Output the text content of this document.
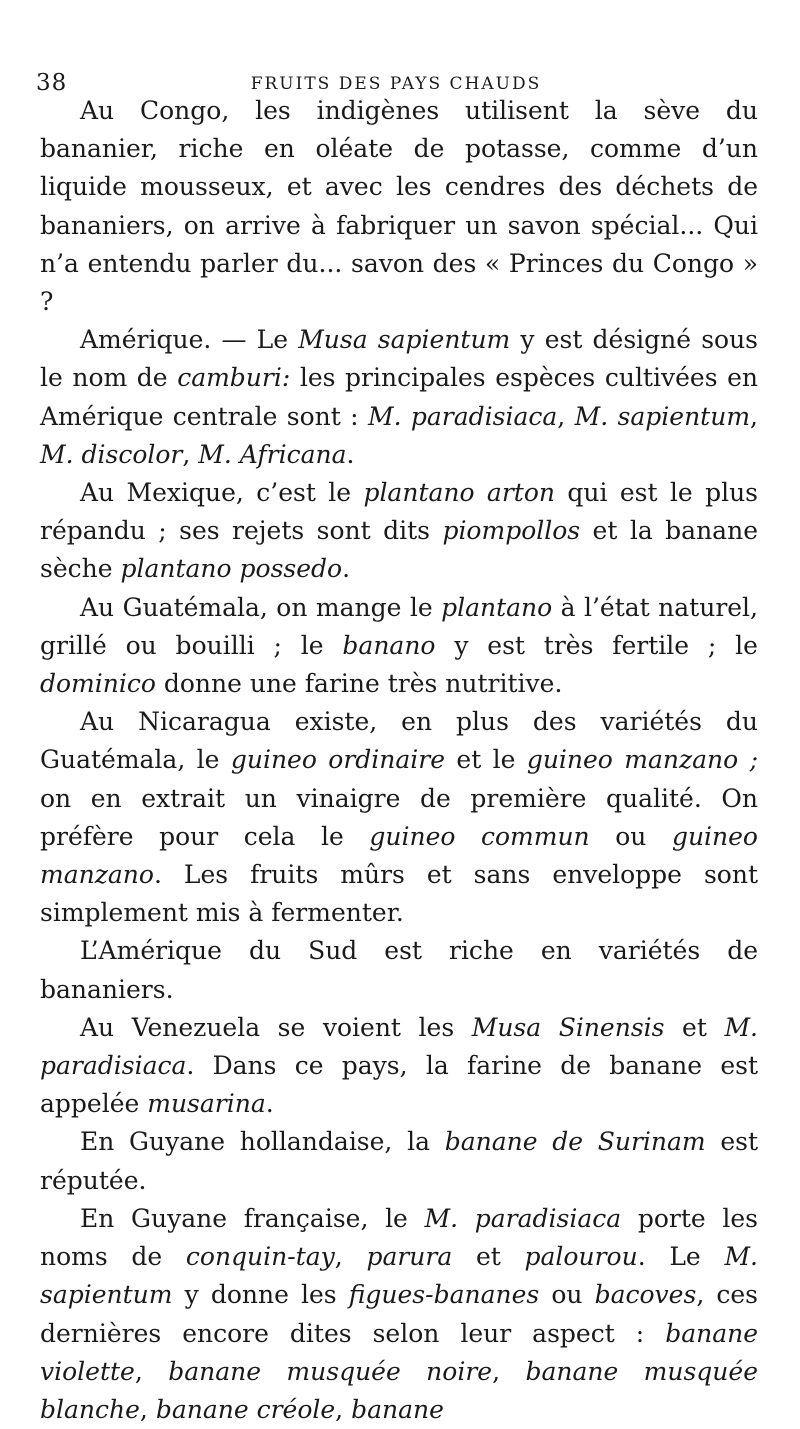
38	FRUITS DES PAYS CHAUDS

Au Congo, les indigènes utilisent la sève du bananier, riche en oléate de potasse, comme d’un liquide mousseux, et avec les cendres des déchets de bananiers, on arrive à fabriquer un savon spécial... Qui n’a entendu parler du... savon des « Princes du Congo » ?

Amérique. — Le Musa sapientum y est désigné sous le nom de camburi: les principales espèces cultivées en Amérique centrale sont : M. paradisiaca, M. sapientum, M. discolor, M. Africana.

Au Mexique, c’est le plantano arton qui est le plus répandu ; ses rejets sont dits piompollos et la banane sèche plantano possedo.

Au Guatémala, on mange le plantano à l’état naturel, grillé ou bouilli ; le banano y est très fertile ; le dominico donne une farine très nutritive.

Au Nicaragua existe, en plus des variétés du Guatémala, le guineo ordinaire et le guineo manzano ; on en extrait un vinaigre de première qualité. On préfère pour cela le guineo commun ou guineo manzano. Les fruits mûrs et sans enveloppe sont simplement mis à fermenter.

L’Amérique du Sud est riche en variétés de bananiers.

Au Venezuela se voient les Musa Sinensis et M. paradisiaca. Dans ce pays, la farine de banane est appelée musarina.

En Guyane hollandaise, la banane de Surinam est réputée.

En Guyane française, le M. paradisiaca porte les noms de conquin-tay, parura et palourou. Le M. sapientum y donne les figues-bananes ou bacoves, ces dernières encore dites selon leur aspect : banane violette, banane musquée noire, banane musquée blanche, banane créole, banane
